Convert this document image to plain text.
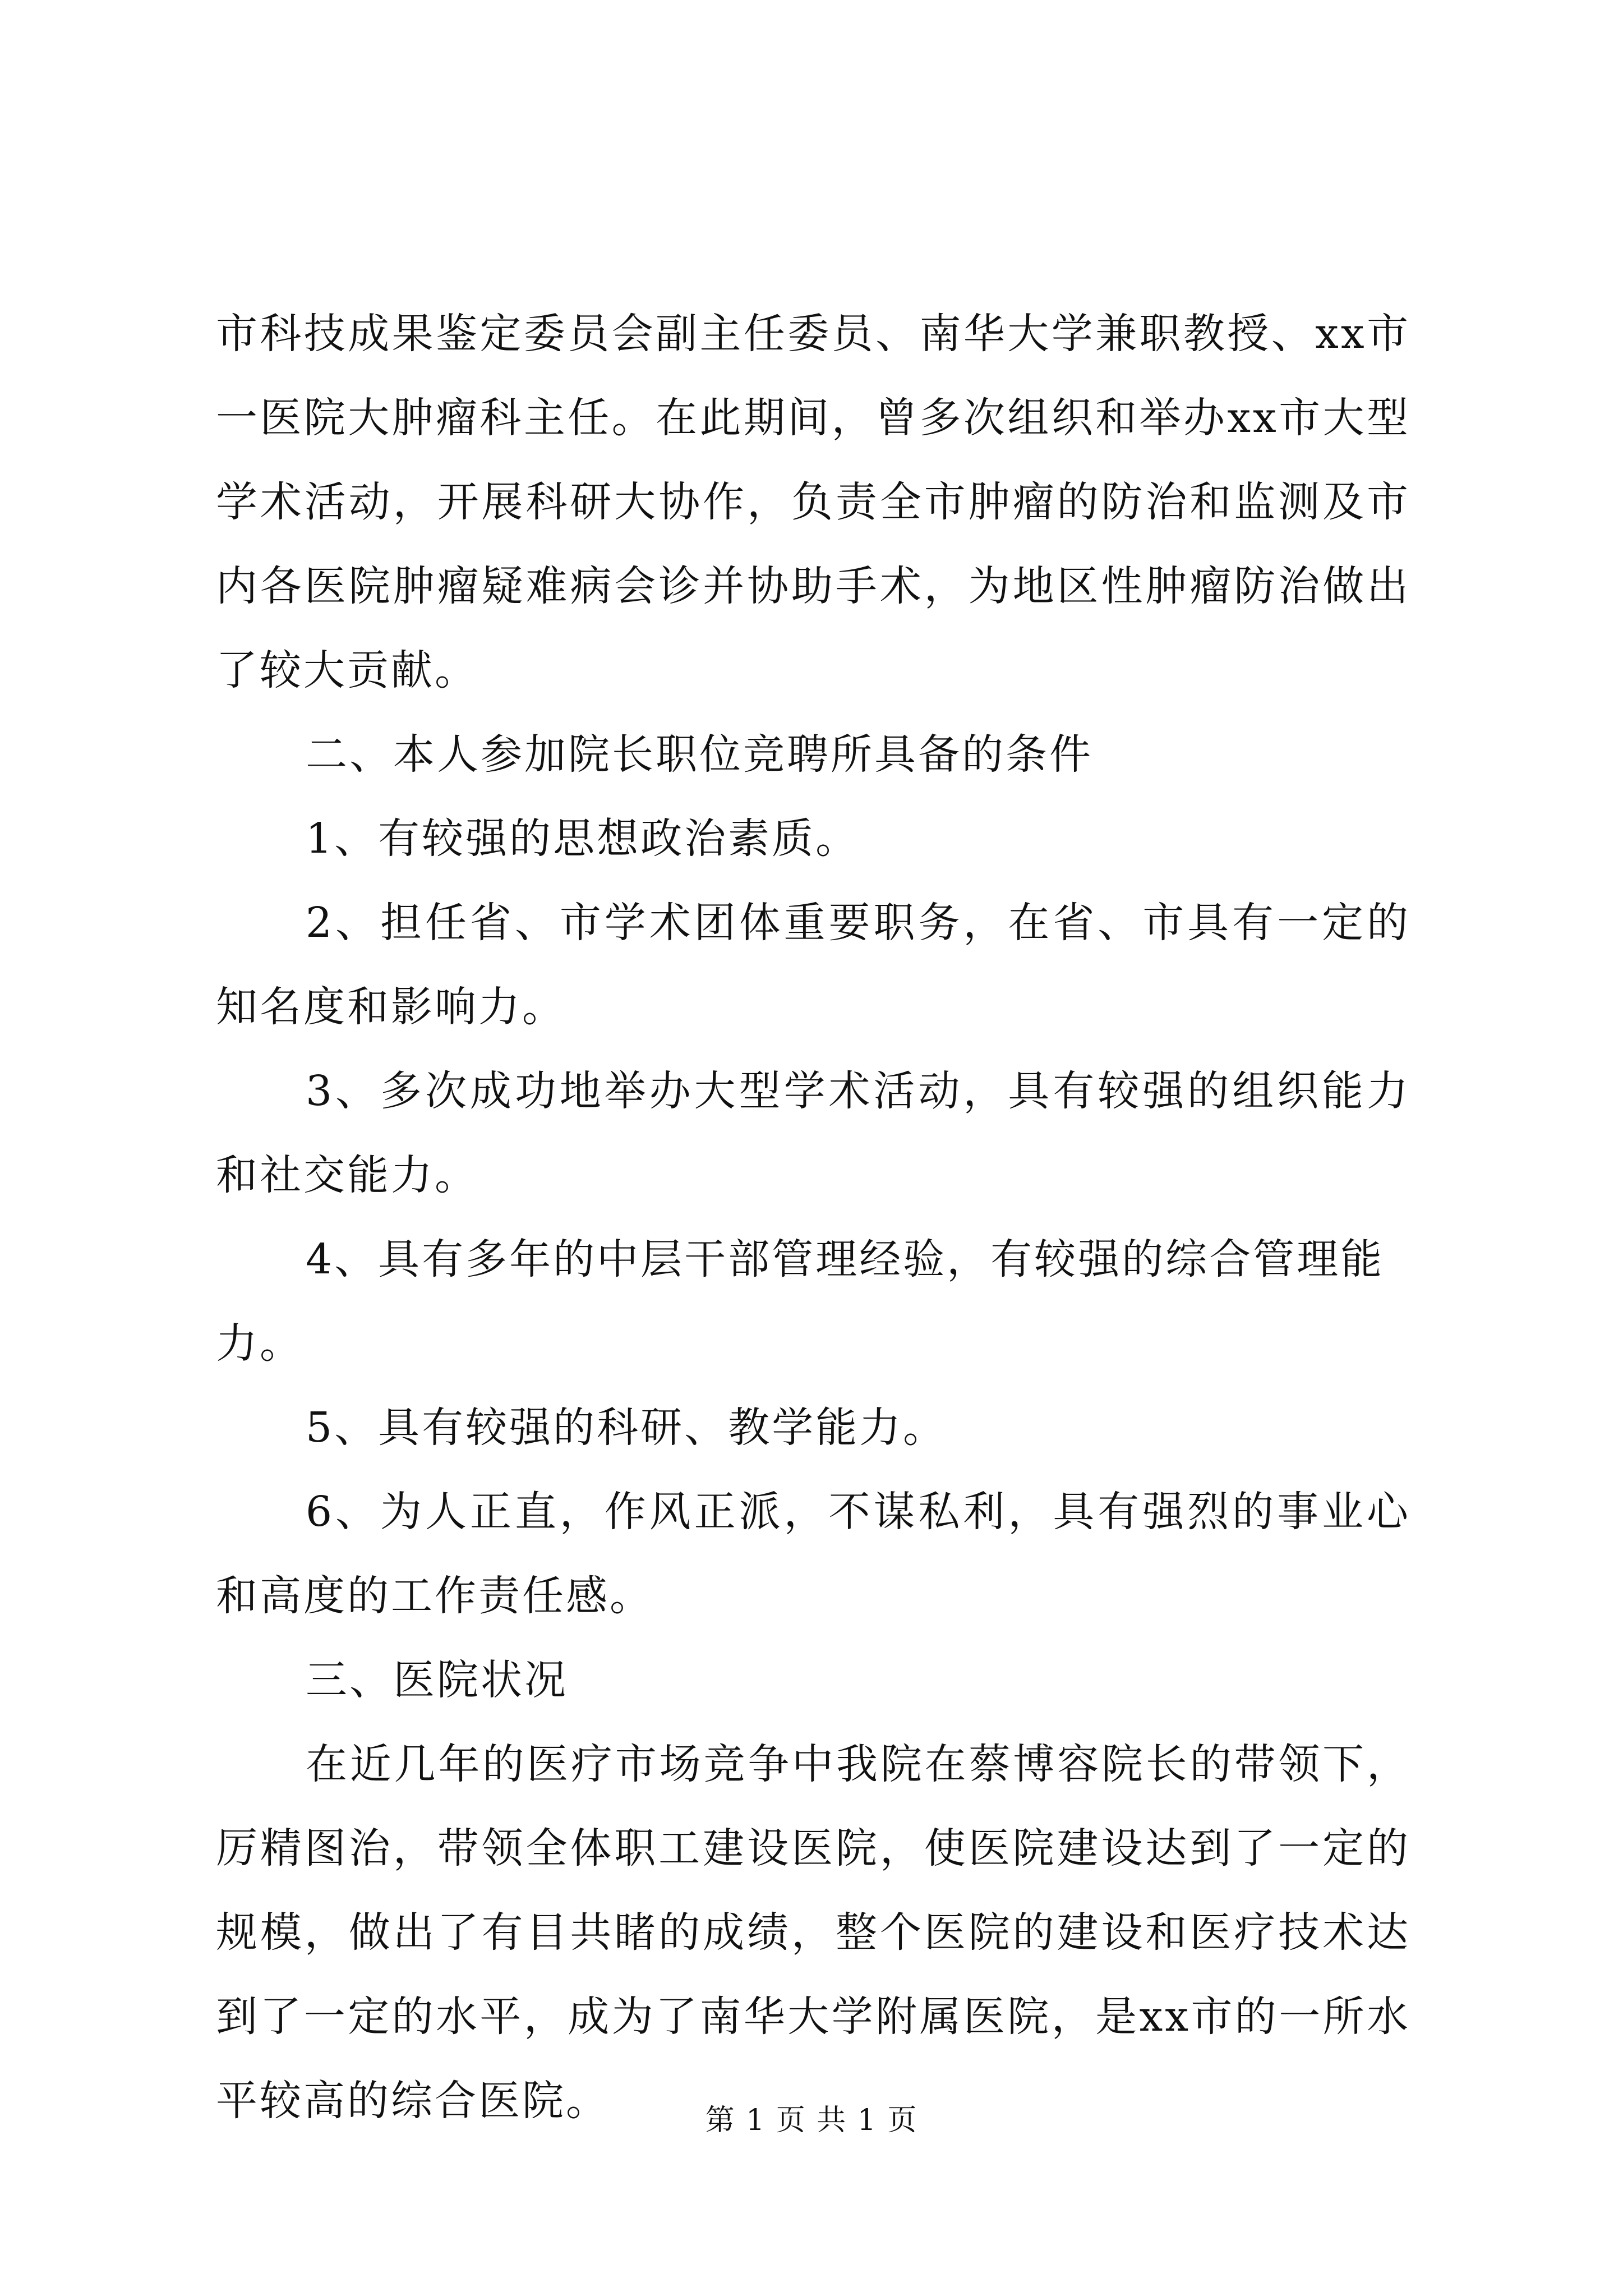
市科技成果鉴定委员会副主任委员、南华大学兼职教授、xx市一医院大肿瘤科主任。在此期间，曾多次组织和举办xx市大型学术活动，开展科研大协作，负责全市肿瘤的防治和监测及市内各医院肿瘤疑难病会诊并协助手术，为地区性肿瘤防治做出了较大贡献。

二、本人参加院长职位竞聘所具备的条件

1、有较强的思想政治素质。

2、担任省、市学术团体重要职务，在省、市具有一定的知名度和影响力。

3、多次成功地举办大型学术活动，具有较强的组织能力和社交能力。

4、具有多年的中层干部管理经验，有较强的综合管理能力。

5、具有较强的科研、教学能力。

6、为人正直，作风正派，不谋私利，具有强烈的事业心和高度的工作责任感。

三、医院状况

在近几年的医疗市场竞争中我院在蔡博容院长的带领下，厉精图治，带领全体职工建设医院，使医院建设达到了一定的规模，做出了有目共睹的成绩，整个医院的建设和医疗技术达到了一定的水平，成为了南华大学附属医院，是xx市的一所水平较高的综合医院。	第 1 页 共 1 页
